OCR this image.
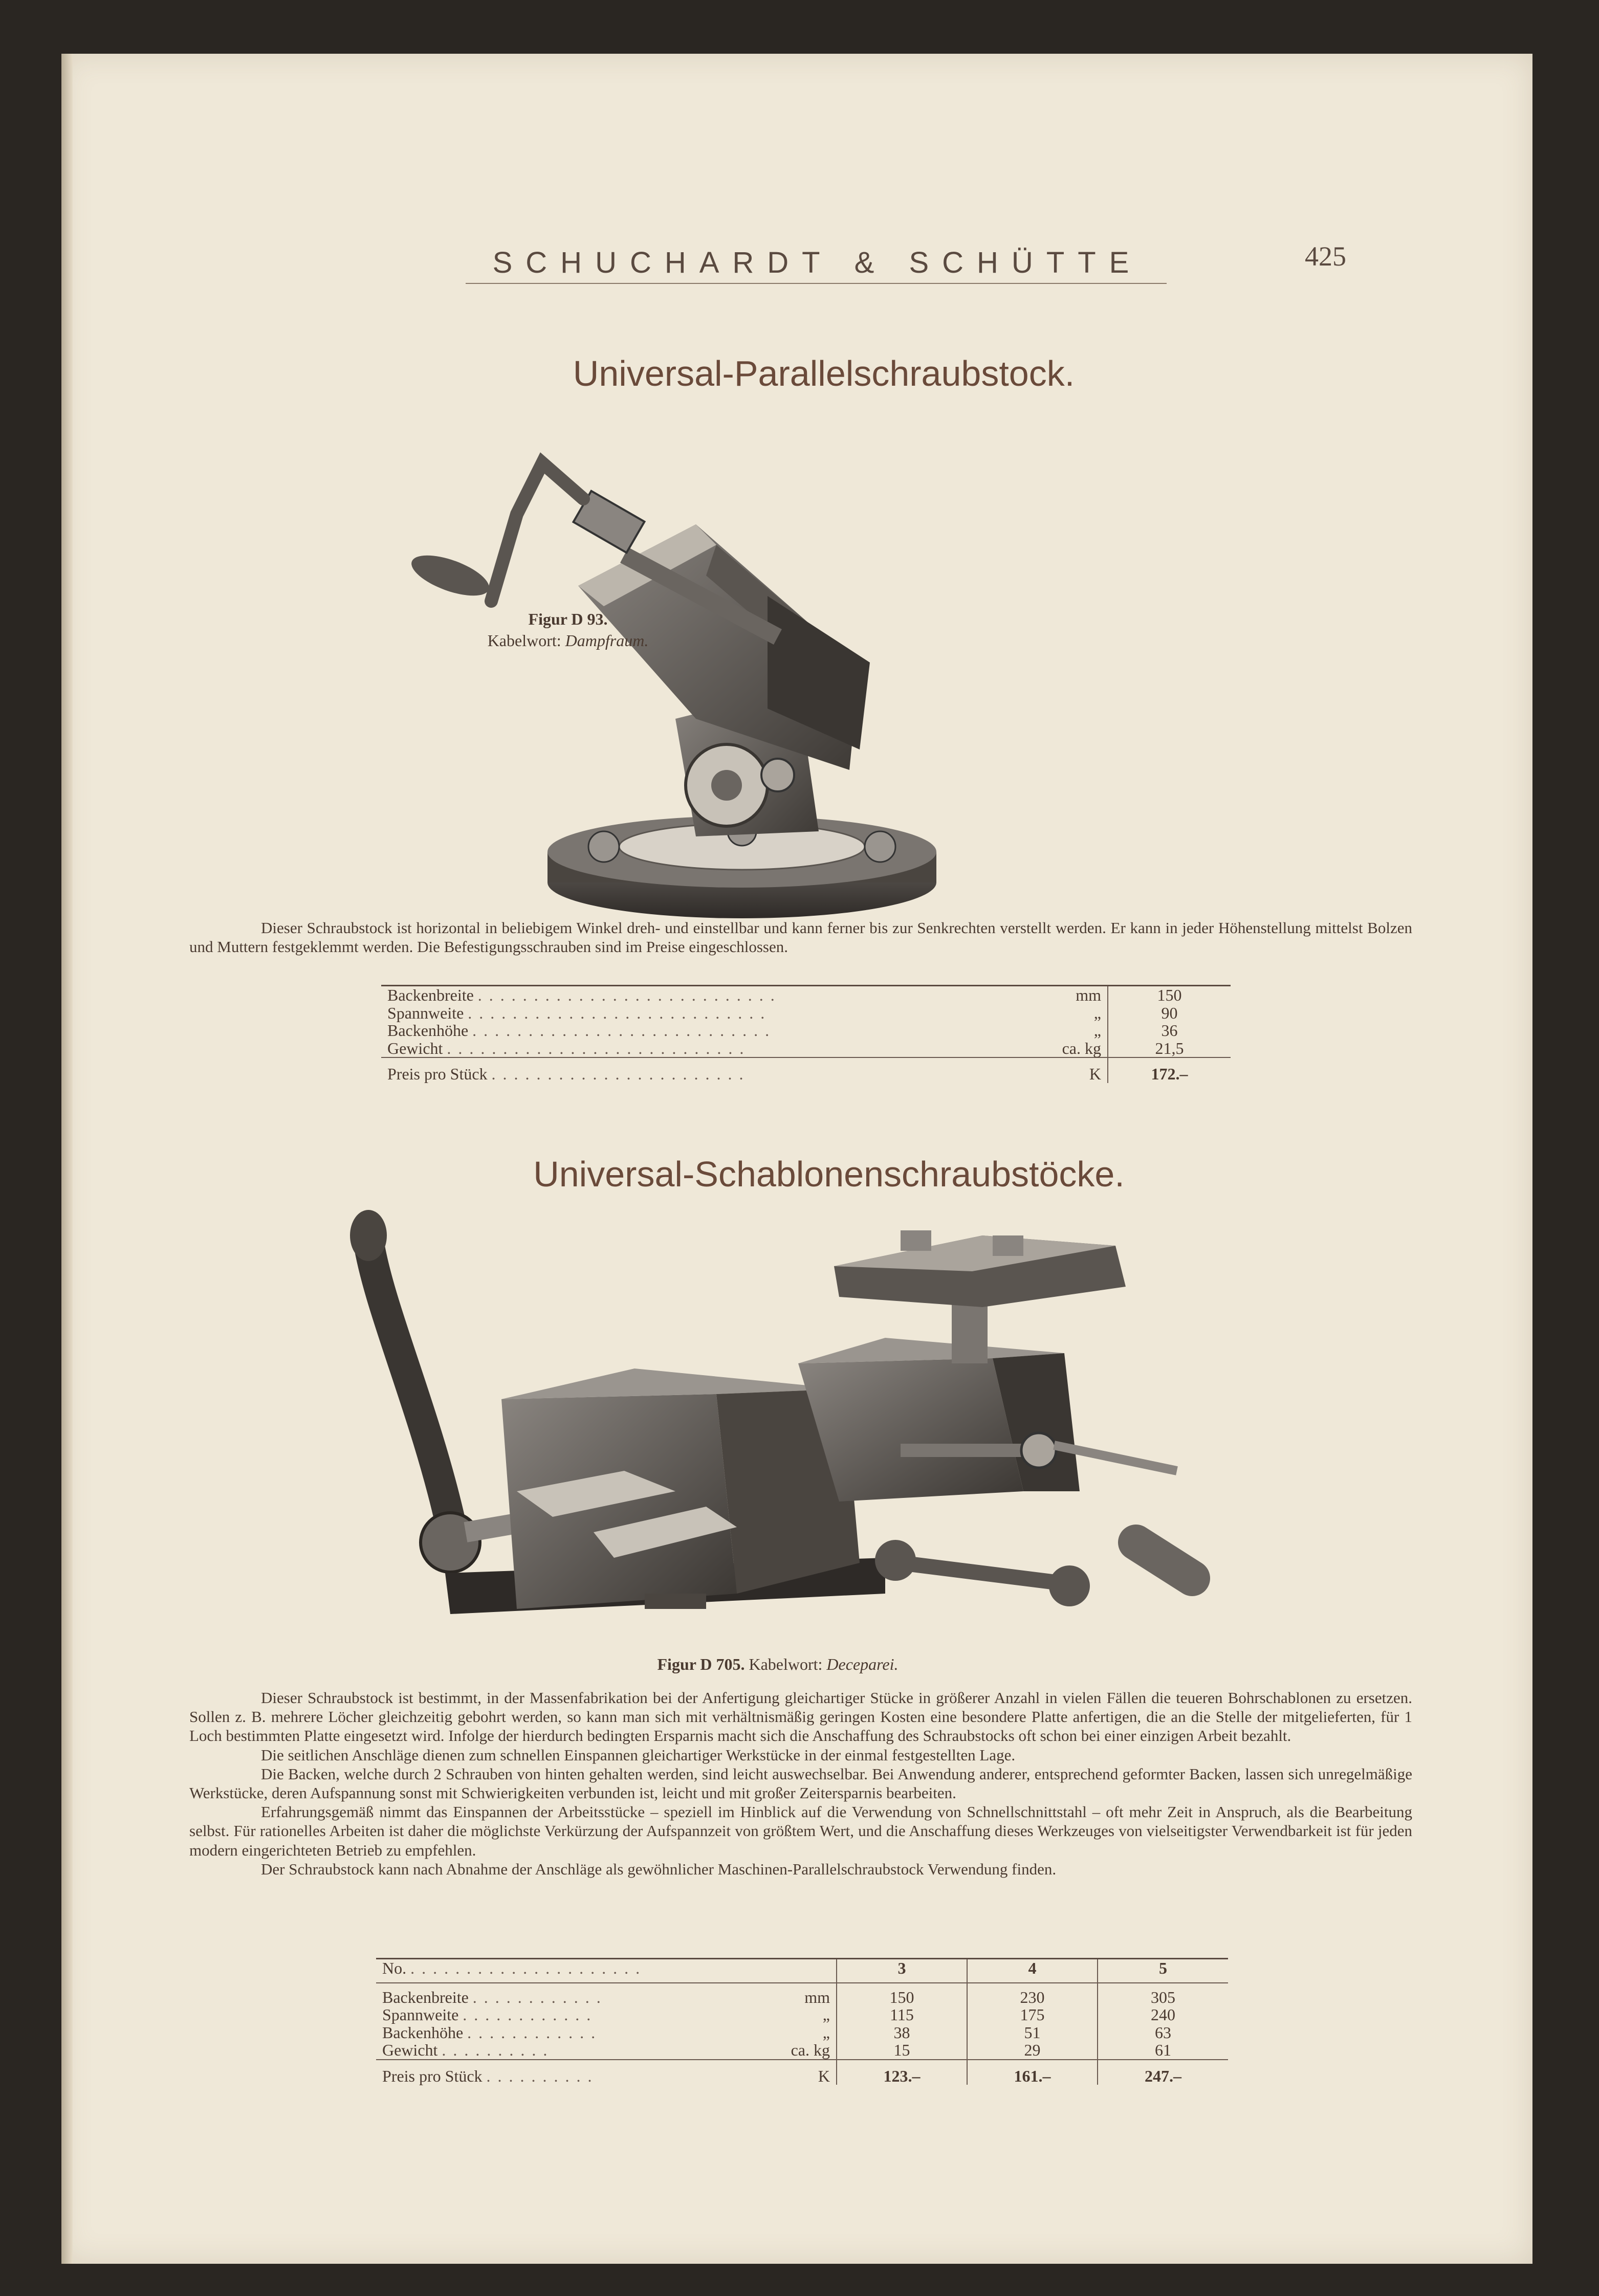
SCHUCHARDT & SCHÜTTE	425
Universal-Parallelschraubstock.
Figur D 93.
Kabelwort: Dampfraum.

Dieser Schraubstock ist horizontal in beliebigem Winkel dreh- und einstellbar und kann ferner bis zur Senkrechten verstellt werden. Er kann in jeder Höhenstellung mittelst Bolzen und Muttern festgeklemmt werden. Die Befestigungsschrauben sind im Preise eingeschlossen.

Backenbreite ...........................	mm	150
Spannweite ...........................	„	90
Backenhöhe ...........................	„	36
Gewicht ...........................	ca. kg	21,5
Preis pro Stück .......................	K	172.–
Universal-Schablonenschraubstöcke.
Figur D 705. Kabelwort: Deceparei.

Dieser Schraubstock ist bestimmt, in der Massenfabrikation bei der Anfertigung gleichartiger Stücke in größerer Anzahl in vielen Fällen die teueren Bohrschablonen zu ersetzen. Sollen z. B. mehrere Löcher gleichzeitig gebohrt werden, so kann man sich mit verhältnismäßig geringen Kosten eine besondere Platte anfertigen, die an die Stelle der mitgelieferten, für 1 Loch bestimmten Platte eingesetzt wird. Infolge der hierdurch bedingten Ersparnis macht sich die Anschaffung des Schraubstocks oft schon bei einer einzigen Arbeit bezahlt.

Die seitlichen Anschläge dienen zum schnellen Einspannen gleichartiger Werkstücke in der einmal festgestellten Lage.

Die Backen, welche durch 2 Schrauben von hinten gehalten werden, sind leicht auswechselbar. Bei Anwendung anderer, entsprechend geformter Backen, lassen sich unregelmäßige Werkstücke, deren Aufspannung sonst mit Schwierigkeiten verbunden ist, leicht und mit großer Zeitersparnis bearbeiten.

Erfahrungsgemäß nimmt das Einspannen der Arbeitsstücke – speziell im Hinblick auf die Verwendung von Schnellschnittstahl – oft mehr Zeit in Anspruch, als die Bearbeitung selbst. Für rationelles Arbeiten ist daher die möglichste Verkürzung der Aufspannzeit von größtem Wert, und die Anschaffung dieses Werkzeuges von vielseitigster Verwendbarkeit ist für jeden modern eingerichteten Betrieb zu empfehlen.

Der Schraubstock kann nach Abnahme der Anschläge als gewöhnlicher Maschinen-Parallelschraubstock Verwendung finden.

No. .....................		3	4	5
Backenbreite ............	mm	150	230	305
Spannweite ............	„	115	175	240
Backenhöhe ............	„	38	51	63
Gewicht ..........	ca. kg	15	29	61
Preis pro Stück ..........	K	123.–	161.–	247.–
